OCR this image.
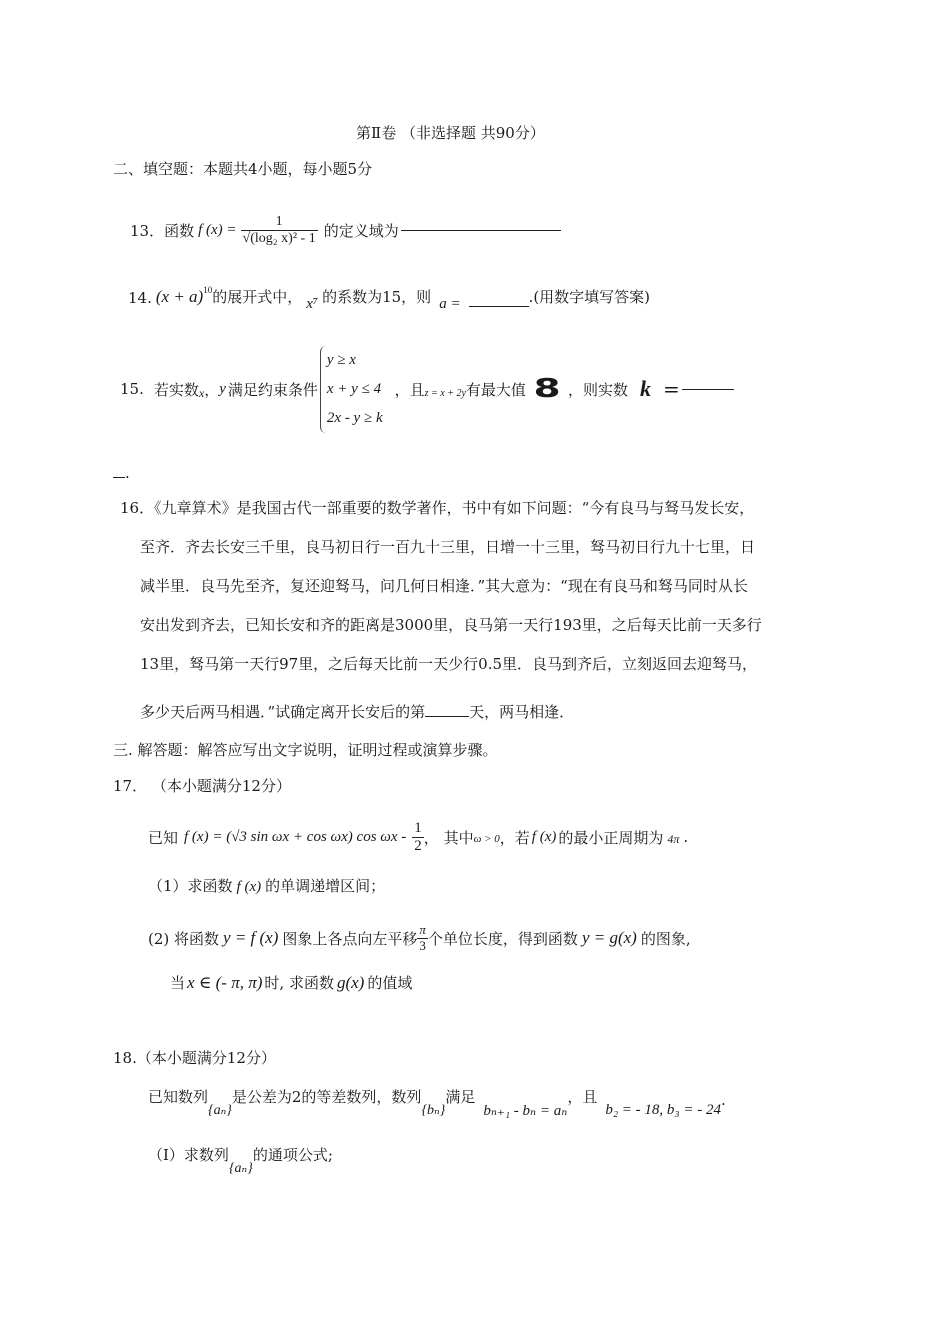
第Ⅱ卷 （非选择题 共90分）
二、填空题：本题共4小题，每小题5分
13． 函数 f $(x) = \frac{1}{\text{√(log₂ x)² - 1}}$ 的定义域为
14. $(x + a)^{10}$ 的展开式中， x⁷ 的系数为15，则 a =	.(用数字填写答案)
15. 若实数 x ， y 满足约束条件
y ≥ x
x + y ≤ 4
2x - y ≥ k
，且 z = x + 2y 有最大值 8 ，则实数 k =
.
16．《九章算术》是我国古代一部重要的数学著作，书中有如下问题：“今有良马与驽马发长安，
至齐．齐去长安三千里，良马初日行一百九十三里，日增一十三里，驽马初日行九十七里，日
减半里．良马先至齐，复还迎驽马，问几何日相逢．”其大意为：“现在有良马和驽马同时从长
安出发到齐去，已知长安和齐的距离是3000里，良马第一天行193里，之后每天比前一天多行
13里，驽马第一天行97里，之后每天比前一天少行0.5里．良马到齐后，立刻返回去迎驽马，
多少天后两马相遇．”试确定离开长安后的第	天，两马相逢．
三. 解答题：解答应写出文字说明，证明过程或演算步骤。
17． （本小题满分12分）
已知 f (x) = (√3 sin ωx + cos ωx) cos ωx - $\frac{1}{2}$ ， 其中 ω > 0 ，若 f (x) 的最小正周期为 4π .
（1）求函数 f (x) 的单调递增区间；
(2) 将函数 y = f (x) 图象上各点向左平移 $\frac{\pi}{3}$ 个单位长度，得到函数 y = g(x) 的图象,
当 x ∈ (- π, π) 时, 求函数 g(x) 的值域
18.（本小题满分12分）
已知数列
{aₙ}
是公差为2的等差数列，数列
{bₙ}
满足
bₙ₊₁ - bₙ = aₙ
，且
b₂ = - 18, b₃ = - 24
.
（Ⅰ）求数列
{aₙ}
的通项公式;
